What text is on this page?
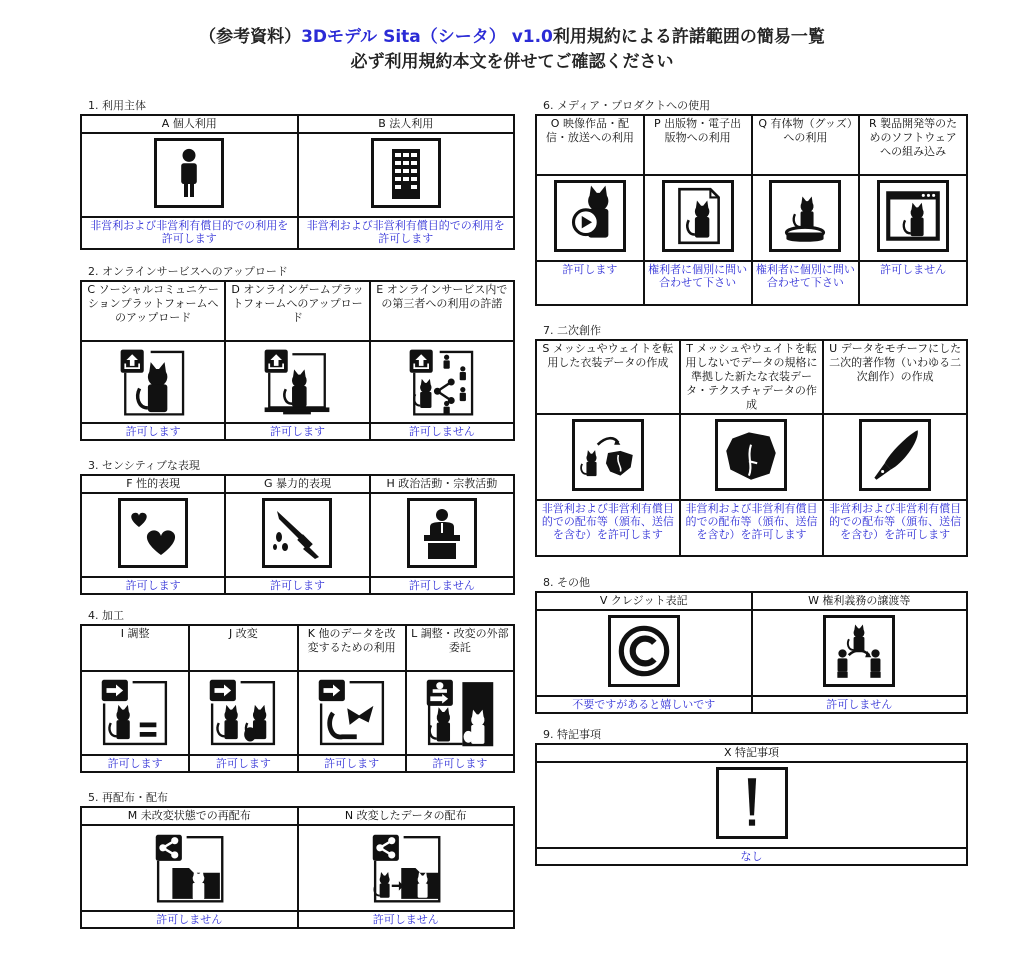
（参考資料）3Dモデル Sita（シータ） v1.0利用規約による許諾範囲の簡易一覧
必ず利用規約本文を併せてご確認ください
1. 利用主体
A 個人利用	B 法人利用

非営利および非営利有償目的での利用を許可します	非営利および非営利有償目的での利用を許可します
2. オンラインサービスへのアップロード
C ソーシャルコミュニケーションプラットフォームへのアップロード	D オンラインゲームプラットフォームへのアップロード	E オンラインサービス内での第三者への利用の許諾

許可します	許可します	許可しません
3. センシティブな表現
F 性的表現	G 暴力的表現	H 政治活動・宗教活動

許可します	許可します	許可しません
4. 加工
I 調整	J 改変	K 他のデータを改変するための利用	L 調整・改変の外部委託

許可します	許可します	許可します	許可します
5. 再配布・配布
M 未改変状態での再配布	N 改変したデータの配布

許可しません	許可しません
6. メディア・プロダクトへの使用
O 映像作品・配信・放送への利用	P 出版物・電子出版物への利用	Q 有体物（グッズ）への利用	R 製品開発等のためのソフトウェアへの組み込み

許可します	権利者に個別に問い合わせて下さい	権利者に個別に問い合わせて下さい	許可しません
7. 二次創作
S メッシュやウェイトを転用した衣装データの作成	T メッシュやウェイトを転用しないでデータの規格に準拠した新たな衣装データ・テクスチャデータの作成	U データをモチーフにした二次的著作物（いわゆる二次創作）の作成

非営利および非営利有償目的での配布等（頒布、送信を含む）を許可します	非営利および非営利有償目的での配布等（頒布、送信を含む）を許可します	非営利および非営利有償目的での配布等（頒布、送信を含む）を許可します
8. その他
V クレジット表記	W 権利義務の譲渡等

不要ですがあると嬉しいです	許可しません
9. 特記事項
X 特記事項

なし
